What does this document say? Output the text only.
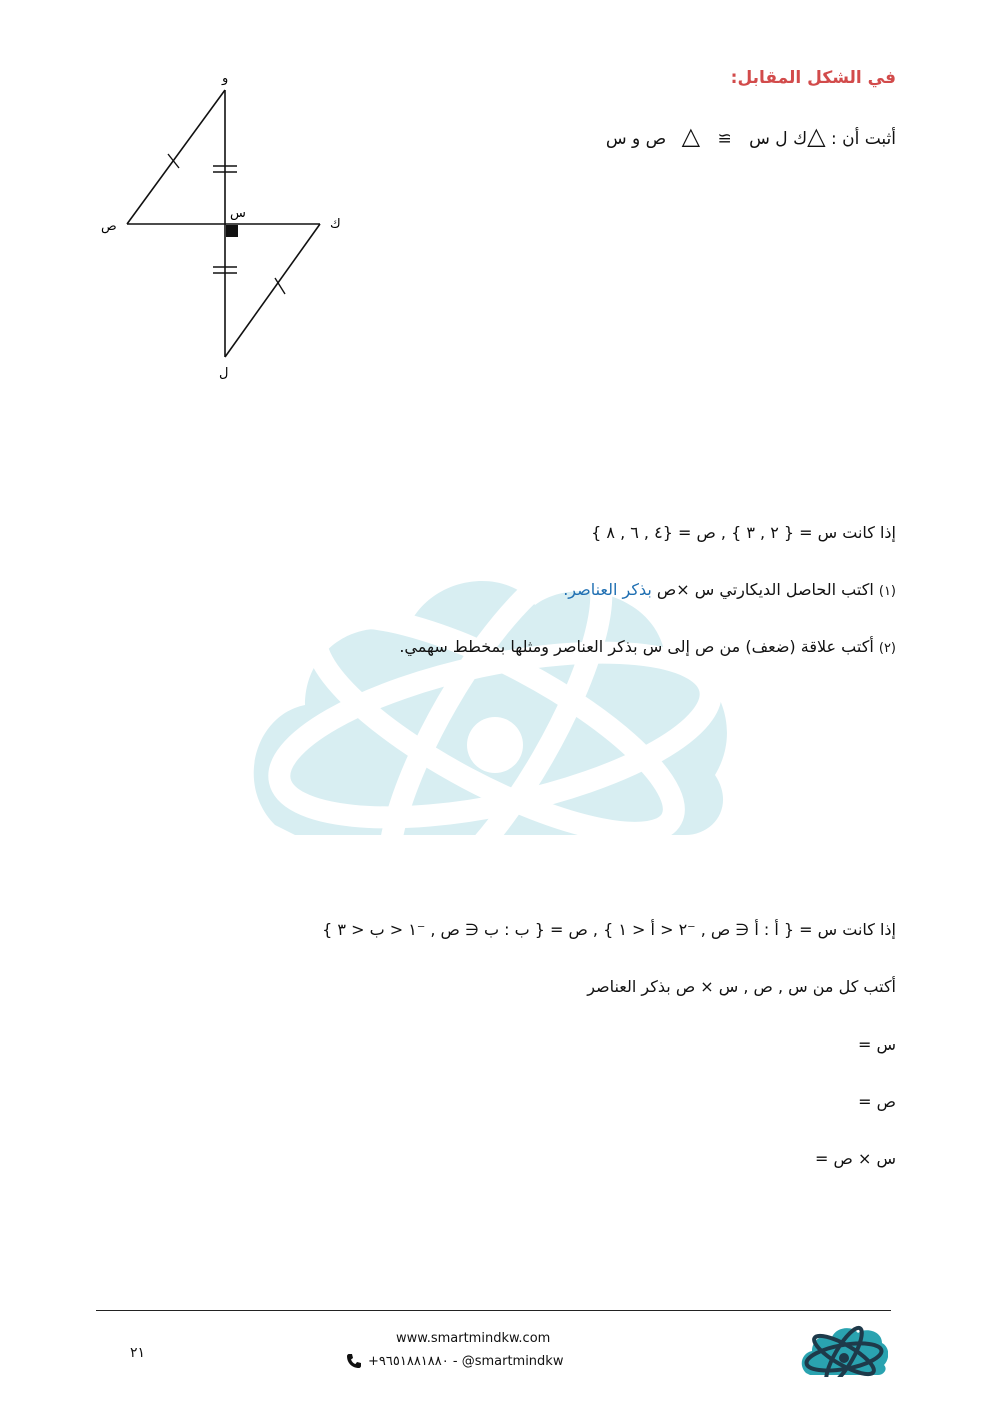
و
ص
س
ك
ل
في الشكل المقابل:
أثبت أن : △ك ل س ≅ △ ص و س
إذا كانت س = { ٢ , ٣ } , ص = {٤ , ٦ , ٨ }
(١) اكتب الحاصل الديكارتي س ×ص بذكر العناصر.
(٢) أكتب علاقة (ضعف) من ص إلى س بذكر العناصر ومثلها بمخطط سهمي.
إذا كانت س = { أ : أ ∈ ص , ⁻٢ < أ < ١ } , ص = { ب : ب ∈ ص , ⁻١ < ب < ٣ }
أكتب كل من س , ص , س × ص بذكر العناصر
س =
ص =
س × ص =
٢١
www.smartmindkw.com
+٩٦٥١٨٨١٨٨٠ - @smartmindkw
